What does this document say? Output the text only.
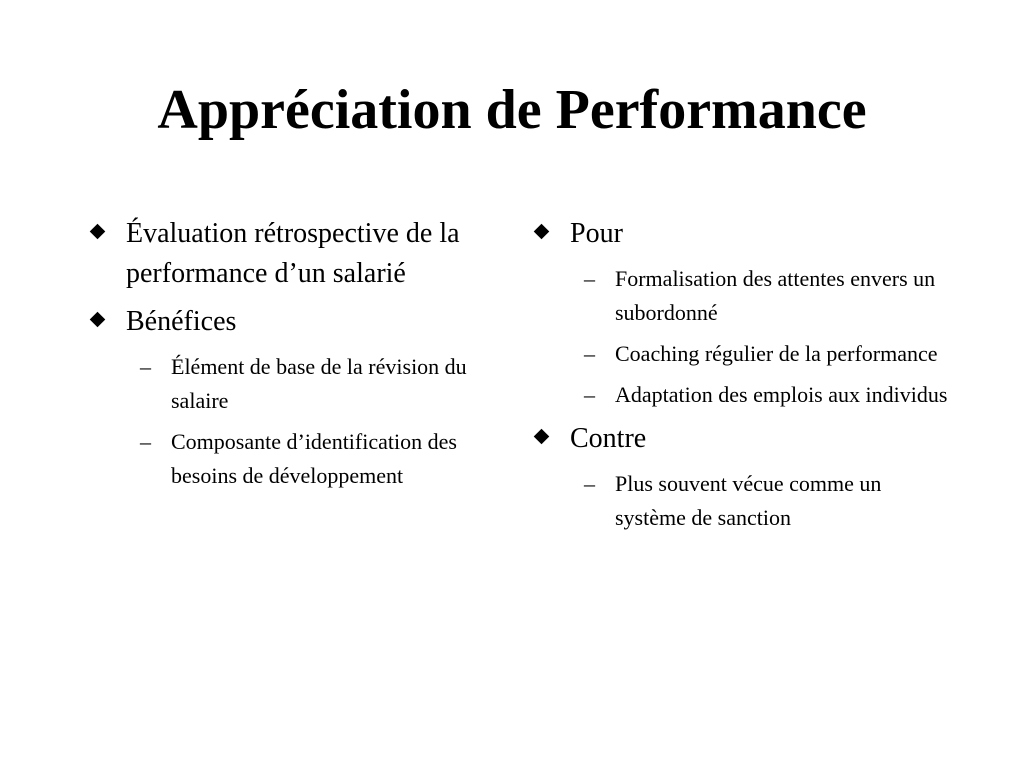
Appréciation de Performance
Évaluation rétrospective de la performance d’un salarié
Bénéfices
– Élément de base de la révision du salaire
– Composante d’identification des besoins de développement
Pour
– Formalisation des attentes envers un subordonné
– Coaching régulier de la performance
– Adaptation des emplois aux individus
Contre
– Plus souvent vécue comme un système de sanction
